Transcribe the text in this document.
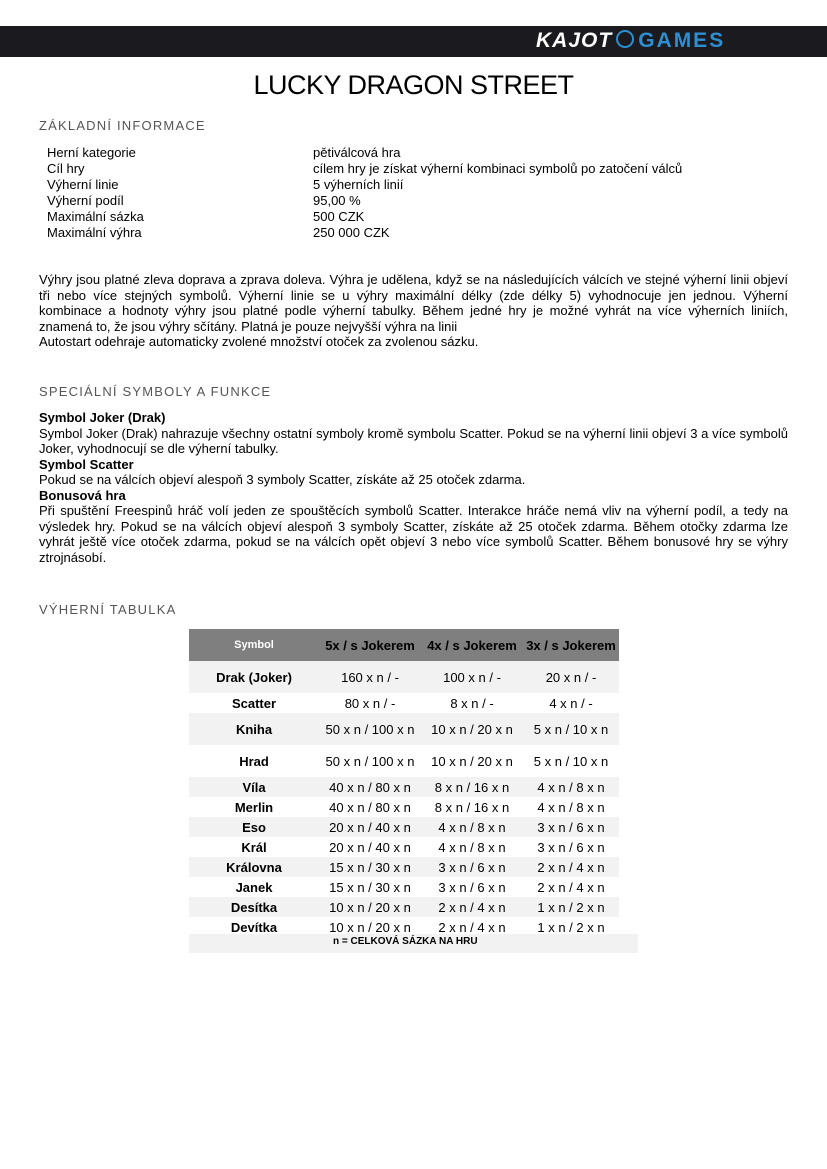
KAJOT GAMES
LUCKY DRAGON STREET
ZÁKLADNÍ INFORMACE
Herní kategorie	pětiválcová hra
Cíl hry	cílem hry je získat výherní kombinaci symbolů po zatočení válců
Výherní linie	5 výherních linií
Výherní podíl	95,00 %
Maximální sázka	500 CZK
Maximální výhra	250 000 CZK

Výhry jsou platné zleva doprava a zprava doleva. Výhra je udělena, když se na následujících válcích ve stejné výherní linii objeví tři nebo více stejných symbolů. Výherní linie se u výhry maximální délky (zde délky 5) vyhodnocuje jen jednou. Výherní kombinace a hodnoty výhry jsou platné podle výherní tabulky. Během jedné hry je možné vyhrát na více výherních liniích, znamená to, že jsou výhry sčítány. Platná je pouze nejvyšší výhra na linii

Autostart odehraje automaticky zvolené množství otoček za zvolenou sázku.

SPECIÁLNÍ SYMBOLY A FUNKCE

Symbol Joker (Drak)

Symbol Joker (Drak) nahrazuje všechny ostatní symboly kromě symbolu Scatter. Pokud se na výherní linii objeví 3 a více symbolů Joker, vyhodnocují se dle výherní tabulky.

Symbol Scatter

Pokud se na válcích objeví alespoň 3 symboly Scatter, získáte až 25 otoček zdarma.

Bonusová hra

Při spuštění Freespinů hráč volí jeden ze spouštěcích symbolů Scatter. Interakce hráče nemá vliv na výherní podíl, a tedy na výsledek hry. Pokud se na válcích objeví alespoň 3 symboly Scatter, získáte až 25 otoček zdarma. Během otočky zdarma lze vyhrát ještě více otoček zdarma, pokud se na válcích opět objeví 3 nebo více symbolů Scatter. Během bonusové hry se výhry ztrojnásobí.

VÝHERNÍ TABULKA
Symbol	5x / s Jokerem	4x / s Jokerem	3x / s Jokerem
Drak (Joker)	160 x n / -	100 x n / -	20 x n / -
Scatter	80 x n / -	8 x n / -	4 x n / -
Kniha	50 x n / 100 x n	10 x n / 20 x n	5 x n / 10 x n
Hrad	50 x n / 100 x n	10 x n / 20 x n	5 x n / 10 x n
Víla	40 x n / 80 x n	8 x n / 16 x n	4 x n / 8 x n
Merlin	40 x n / 80 x n	8 x n / 16 x n	4 x n / 8 x n
Eso	20 x n / 40 x n	4 x n / 8 x n	3 x n / 6 x n
Král	20 x n / 40 x n	4 x n / 8 x n	3 x n / 6 x n
Královna	15 x n / 30 x n	3 x n / 6 x n	2 x n / 4 x n
Janek	15 x n / 30 x n	3 x n / 6 x n	2 x n / 4 x n
Desítka	10 x n / 20 x n	2 x n / 4 x n	1 x n / 2 x n
Devítka	10 x n / 20 x n	2 x n / 4 x n	1 x n / 2 x n
n = CELKOVÁ SÁZKA NA HRU
